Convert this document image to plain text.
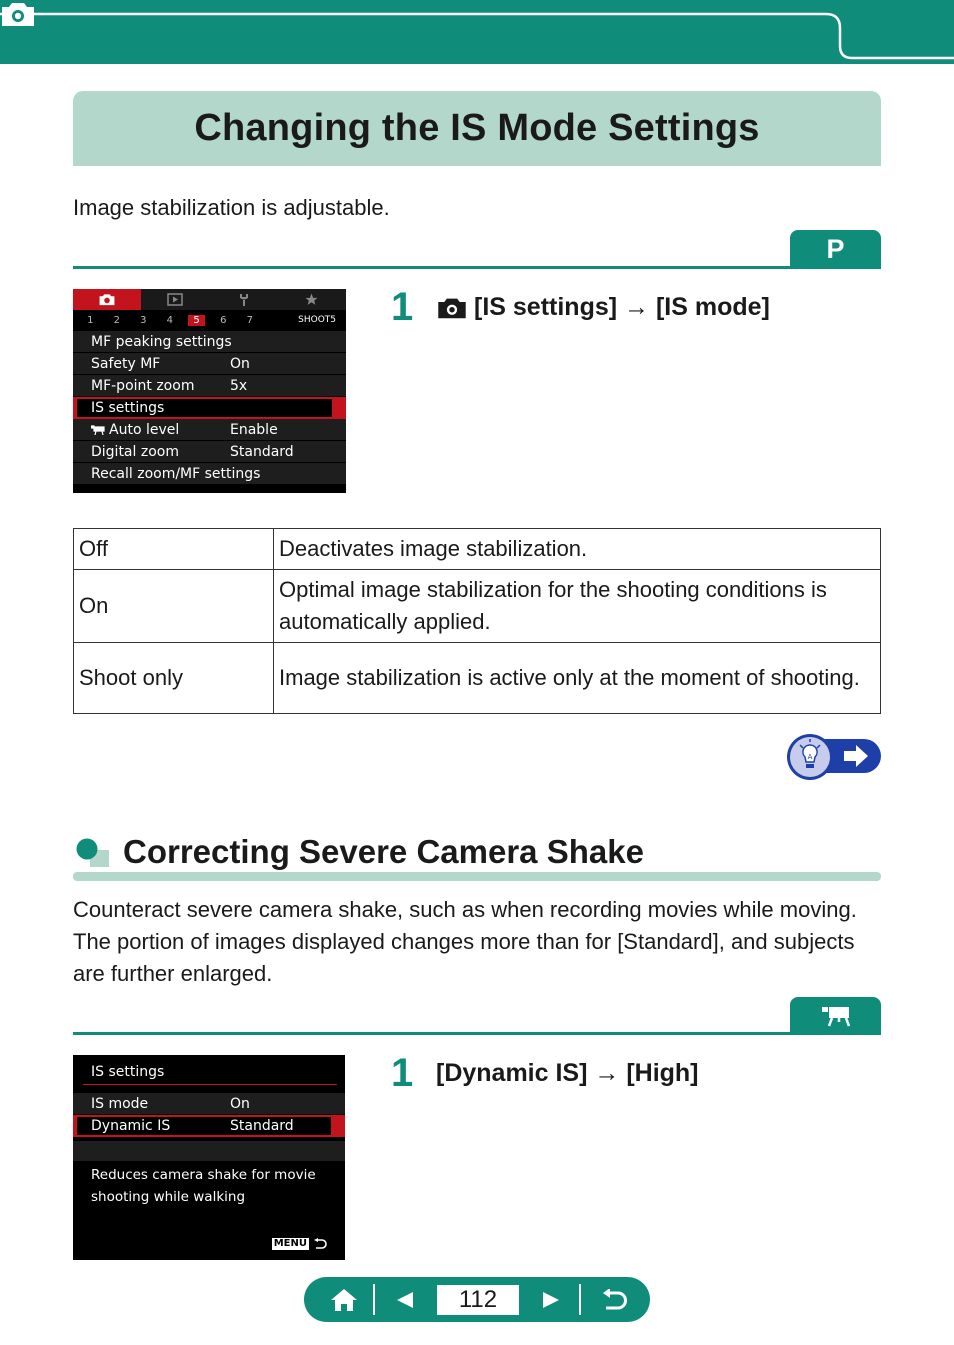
Changing the IS Mode Settings

Image stabilization is adjustable.

P
1	2	3	4	5	6	7	SHOOT5
MF peaking settings
Safety MF	On
MF-point zoom	5x
IS settings
Auto level	Enable
Digital zoom	Standard
Recall zoom/MF settings
1 [IS settings] → [IS mode]
Off	Deactivates image stabilization.
On	Optimal image stabilization for the shooting conditions is automatically applied.
Shoot only	Image stabilization is active only at the moment of shooting.
A
Correcting Severe Camera Shake

Counteract severe camera shake, such as when recording movies while moving. The portion of images displayed changes more than for [Standard], and subjects are further enlarged.

IS settings
IS mode	On
Dynamic IS	Standard
Reduces camera shake for movie shooting while walking
MENU
1 [Dynamic IS] → [High]
112
